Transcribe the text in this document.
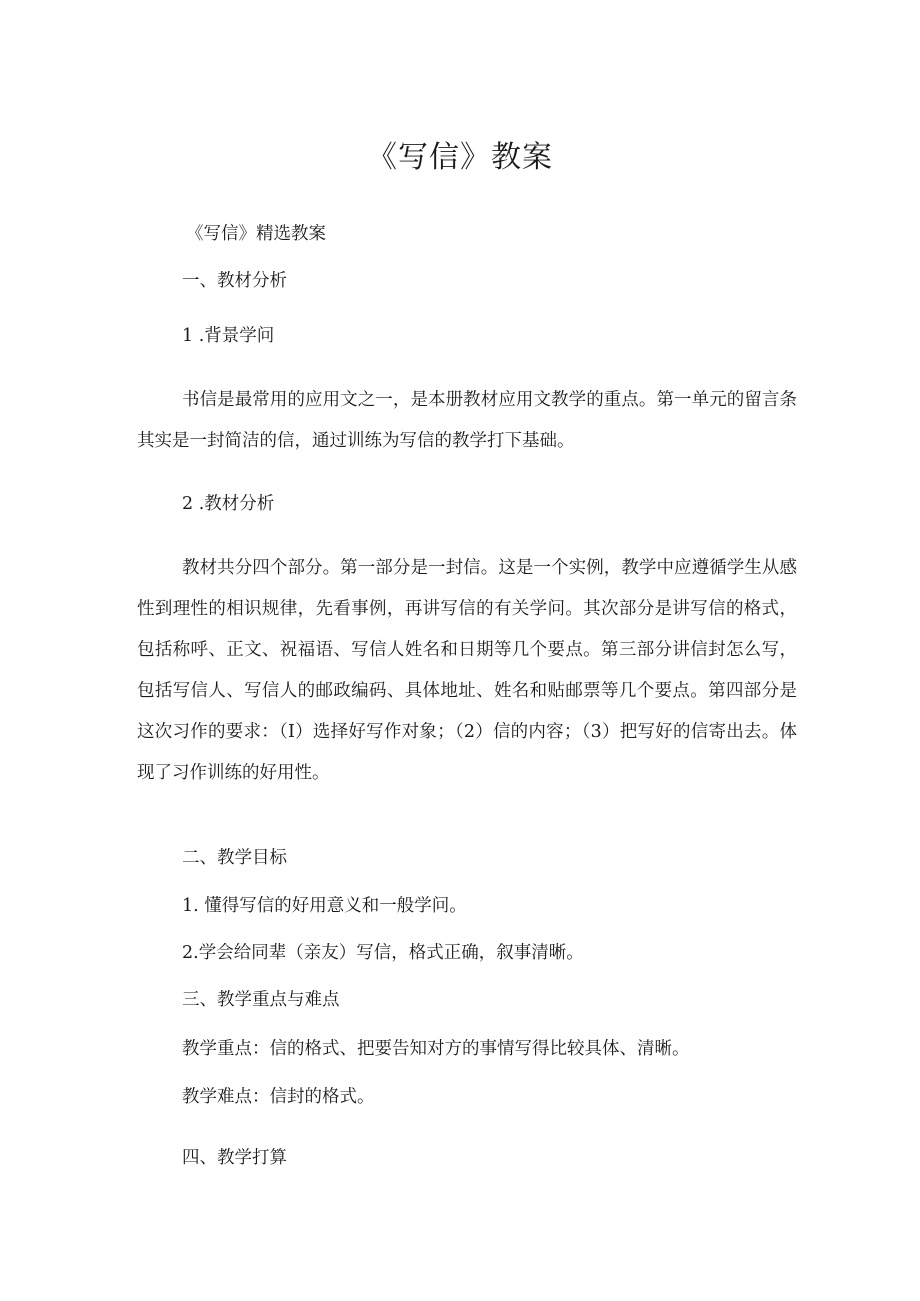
《写信》教案
《写信》精选教案
一、教材分析
1 .背景学问
书信是最常用的应用文之一，是本册教材应用文教学的重点。第一单元的留言条其实是一封简洁的信，通过训练为写信的教学打下基础。
2 .教材分析
教材共分四个部分。第一部分是一封信。这是一个实例，教学中应遵循学生从感性到理性的相识规律，先看事例，再讲写信的有关学问。其次部分是讲写信的格式，包括称呼、正文、祝福语、写信人姓名和日期等几个要点。第三部分讲信封怎么写，包括写信人、写信人的邮政编码、具体地址、姓名和贴邮票等几个要点。第四部分是这次习作的要求：（I）选择好写作对象；（2）信的内容；（3）把写好的信寄出去。体现了习作训练的好用性。
二、教学目标
1. 懂得写信的好用意义和一般学问。
2.学会给同辈（亲友）写信，格式正确，叙事清晰。
三、教学重点与难点
教学重点：信的格式、把要告知对方的事情写得比较具体、清晰。
教学难点：信封的格式。
四、教学打算
